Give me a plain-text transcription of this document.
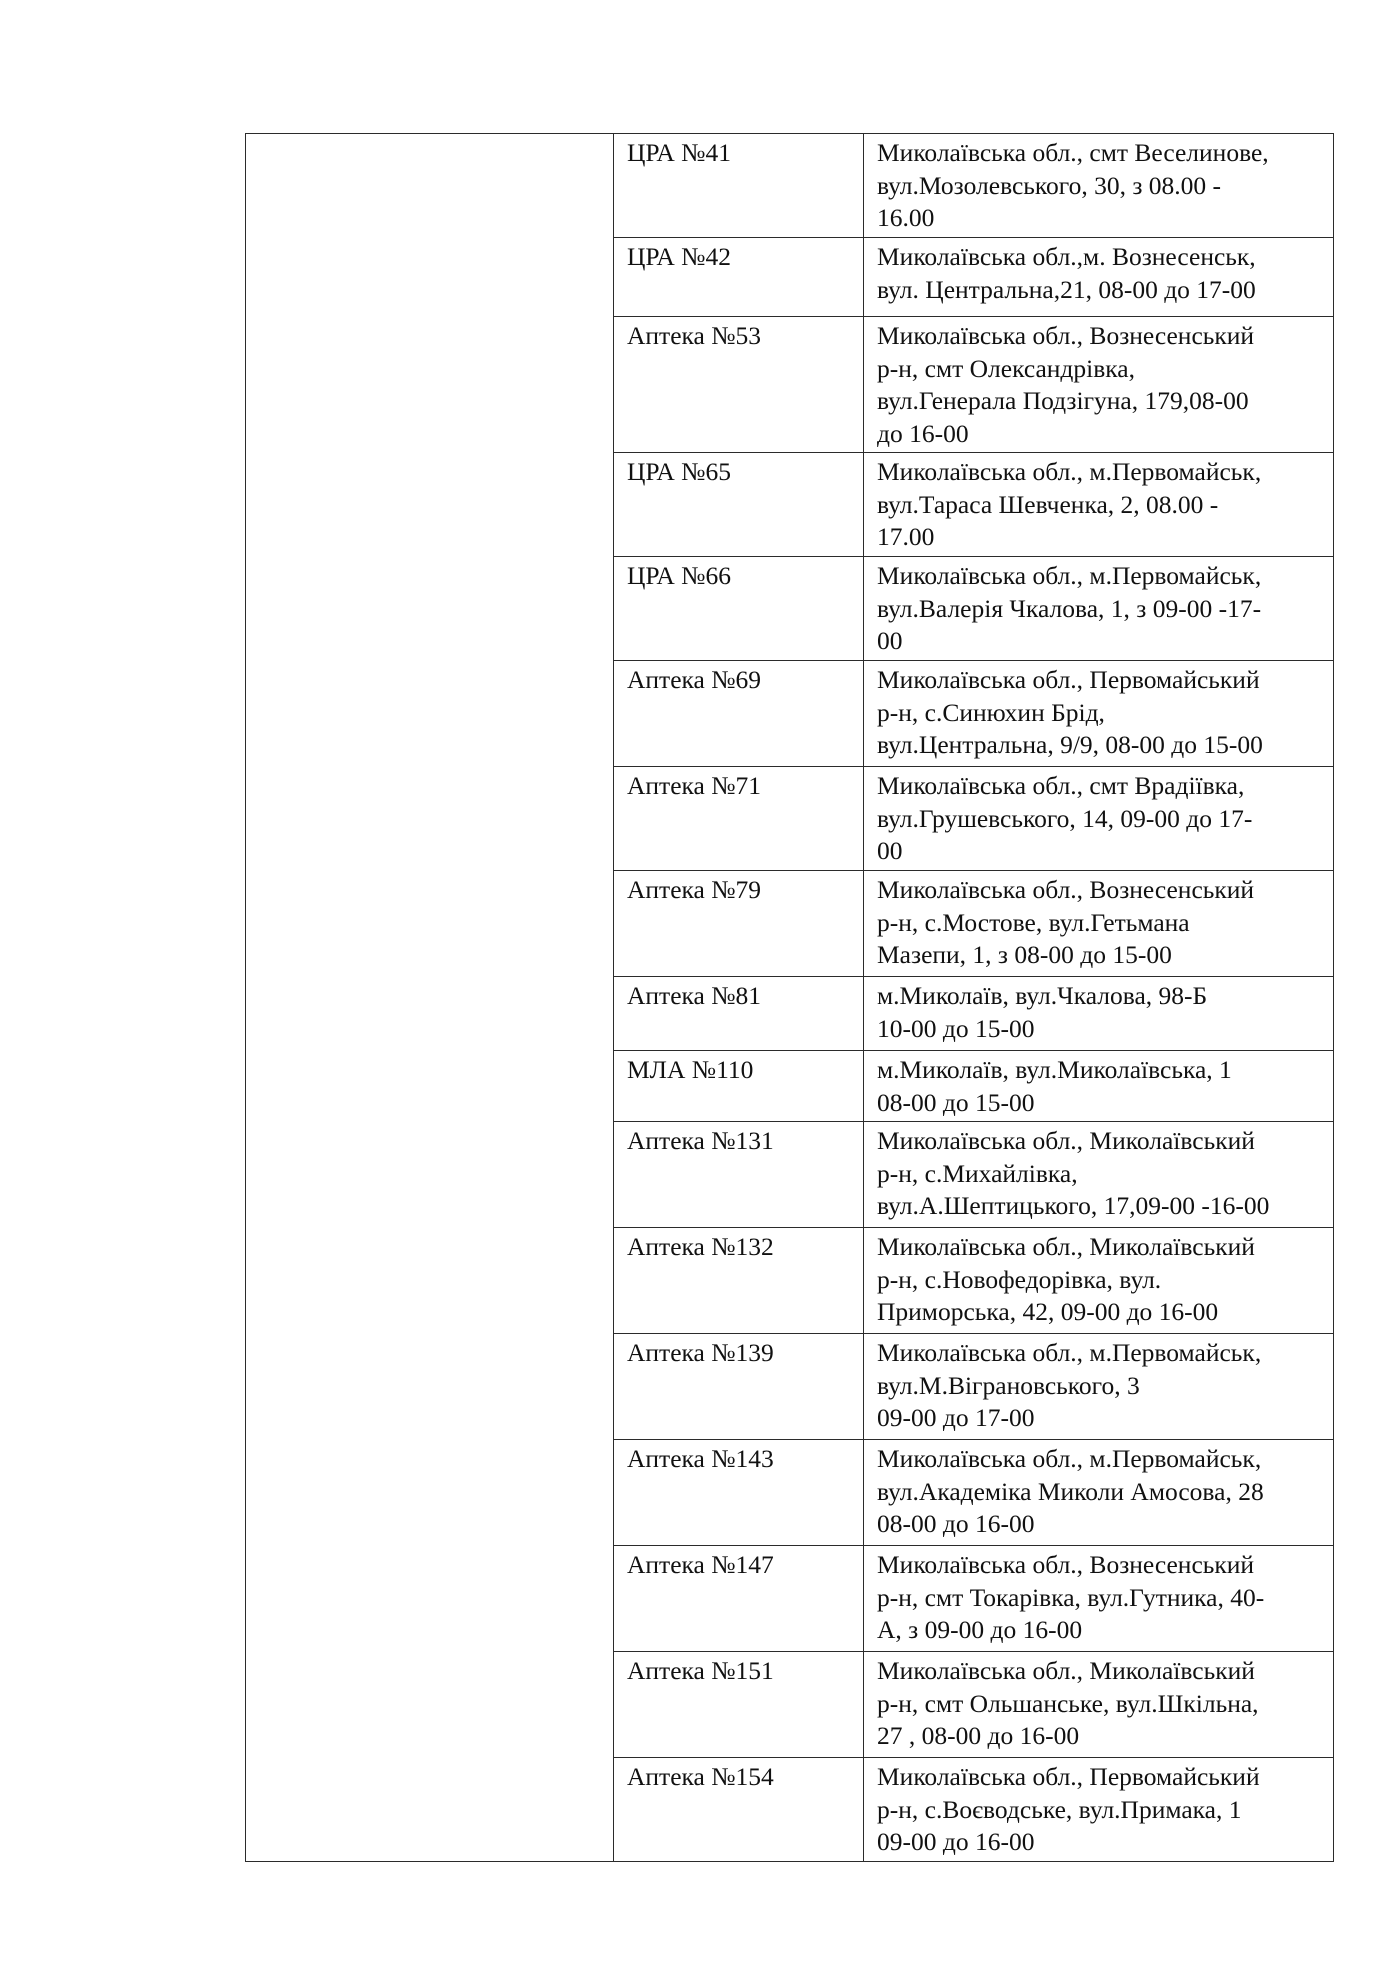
	ЦРА №41	Миколаївська обл., смт Веселинове,
вул.Мозолевського, 30, з 08.00 -
16.00
	ЦРА №42	Миколаївська обл.,м. Вознесенськ,
вул. Центральна,21, 08-00 до 17-00
	Аптека №53	Миколаївська обл., Вознесенський
р-н, смт Олександрівка,
вул.Генерала Подзігуна, 179,08-00
до 16-00
	ЦРА №65	Миколаївська обл., м.Первомайськ,
вул.Тараса Шевченка, 2, 08.00 -
17.00
	ЦРА №66	Миколаївська обл., м.Первомайськ,
вул.Валерія Чкалова, 1, з 09-00 -17-
00
	Аптека №69	Миколаївська обл., Первомайський
р-н, с.Синюхин Брід,
вул.Центральна, 9/9, 08-00 до 15-00
	Аптека №71	Миколаївська обл., смт Врадіївка,
вул.Грушевського, 14, 09-00 до 17-
00
	Аптека №79	Миколаївська обл., Вознесенський
р-н, с.Мостове, вул.Гетьмана
Мазепи, 1, з 08-00 до 15-00
	Аптека №81	м.Миколаїв, вул.Чкалова, 98-Б
10-00 до 15-00
	МЛА №110	м.Миколаїв, вул.Миколаївська, 1
08-00 до 15-00
	Аптека №131	Миколаївська обл., Миколаївський
р-н, с.Михайлівка,
вул.А.Шептицького, 17,09-00 -16-00
	Аптека №132	Миколаївська обл., Миколаївський
р-н, с.Новофедорівка, вул.
Приморська, 42, 09-00 до 16-00
	Аптека №139	Миколаївська обл., м.Первомайськ,
вул.М.Віграновського, 3
09-00 до 17-00
	Аптека №143	Миколаївська обл., м.Первомайськ,
вул.Академіка Миколи Амосова, 28
08-00 до 16-00
	Аптека №147	Миколаївська обл., Вознесенський
р-н, смт Токарівка, вул.Гутника, 40-
А, з 09-00 до 16-00
	Аптека №151	Миколаївська обл., Миколаївський
р-н, смт Ольшанське, вул.Шкільна,
27 , 08-00 до 16-00
	Аптека №154	Миколаївська обл., Первомайський
р-н, с.Воєводське, вул.Примака, 1
09-00 до 16-00
